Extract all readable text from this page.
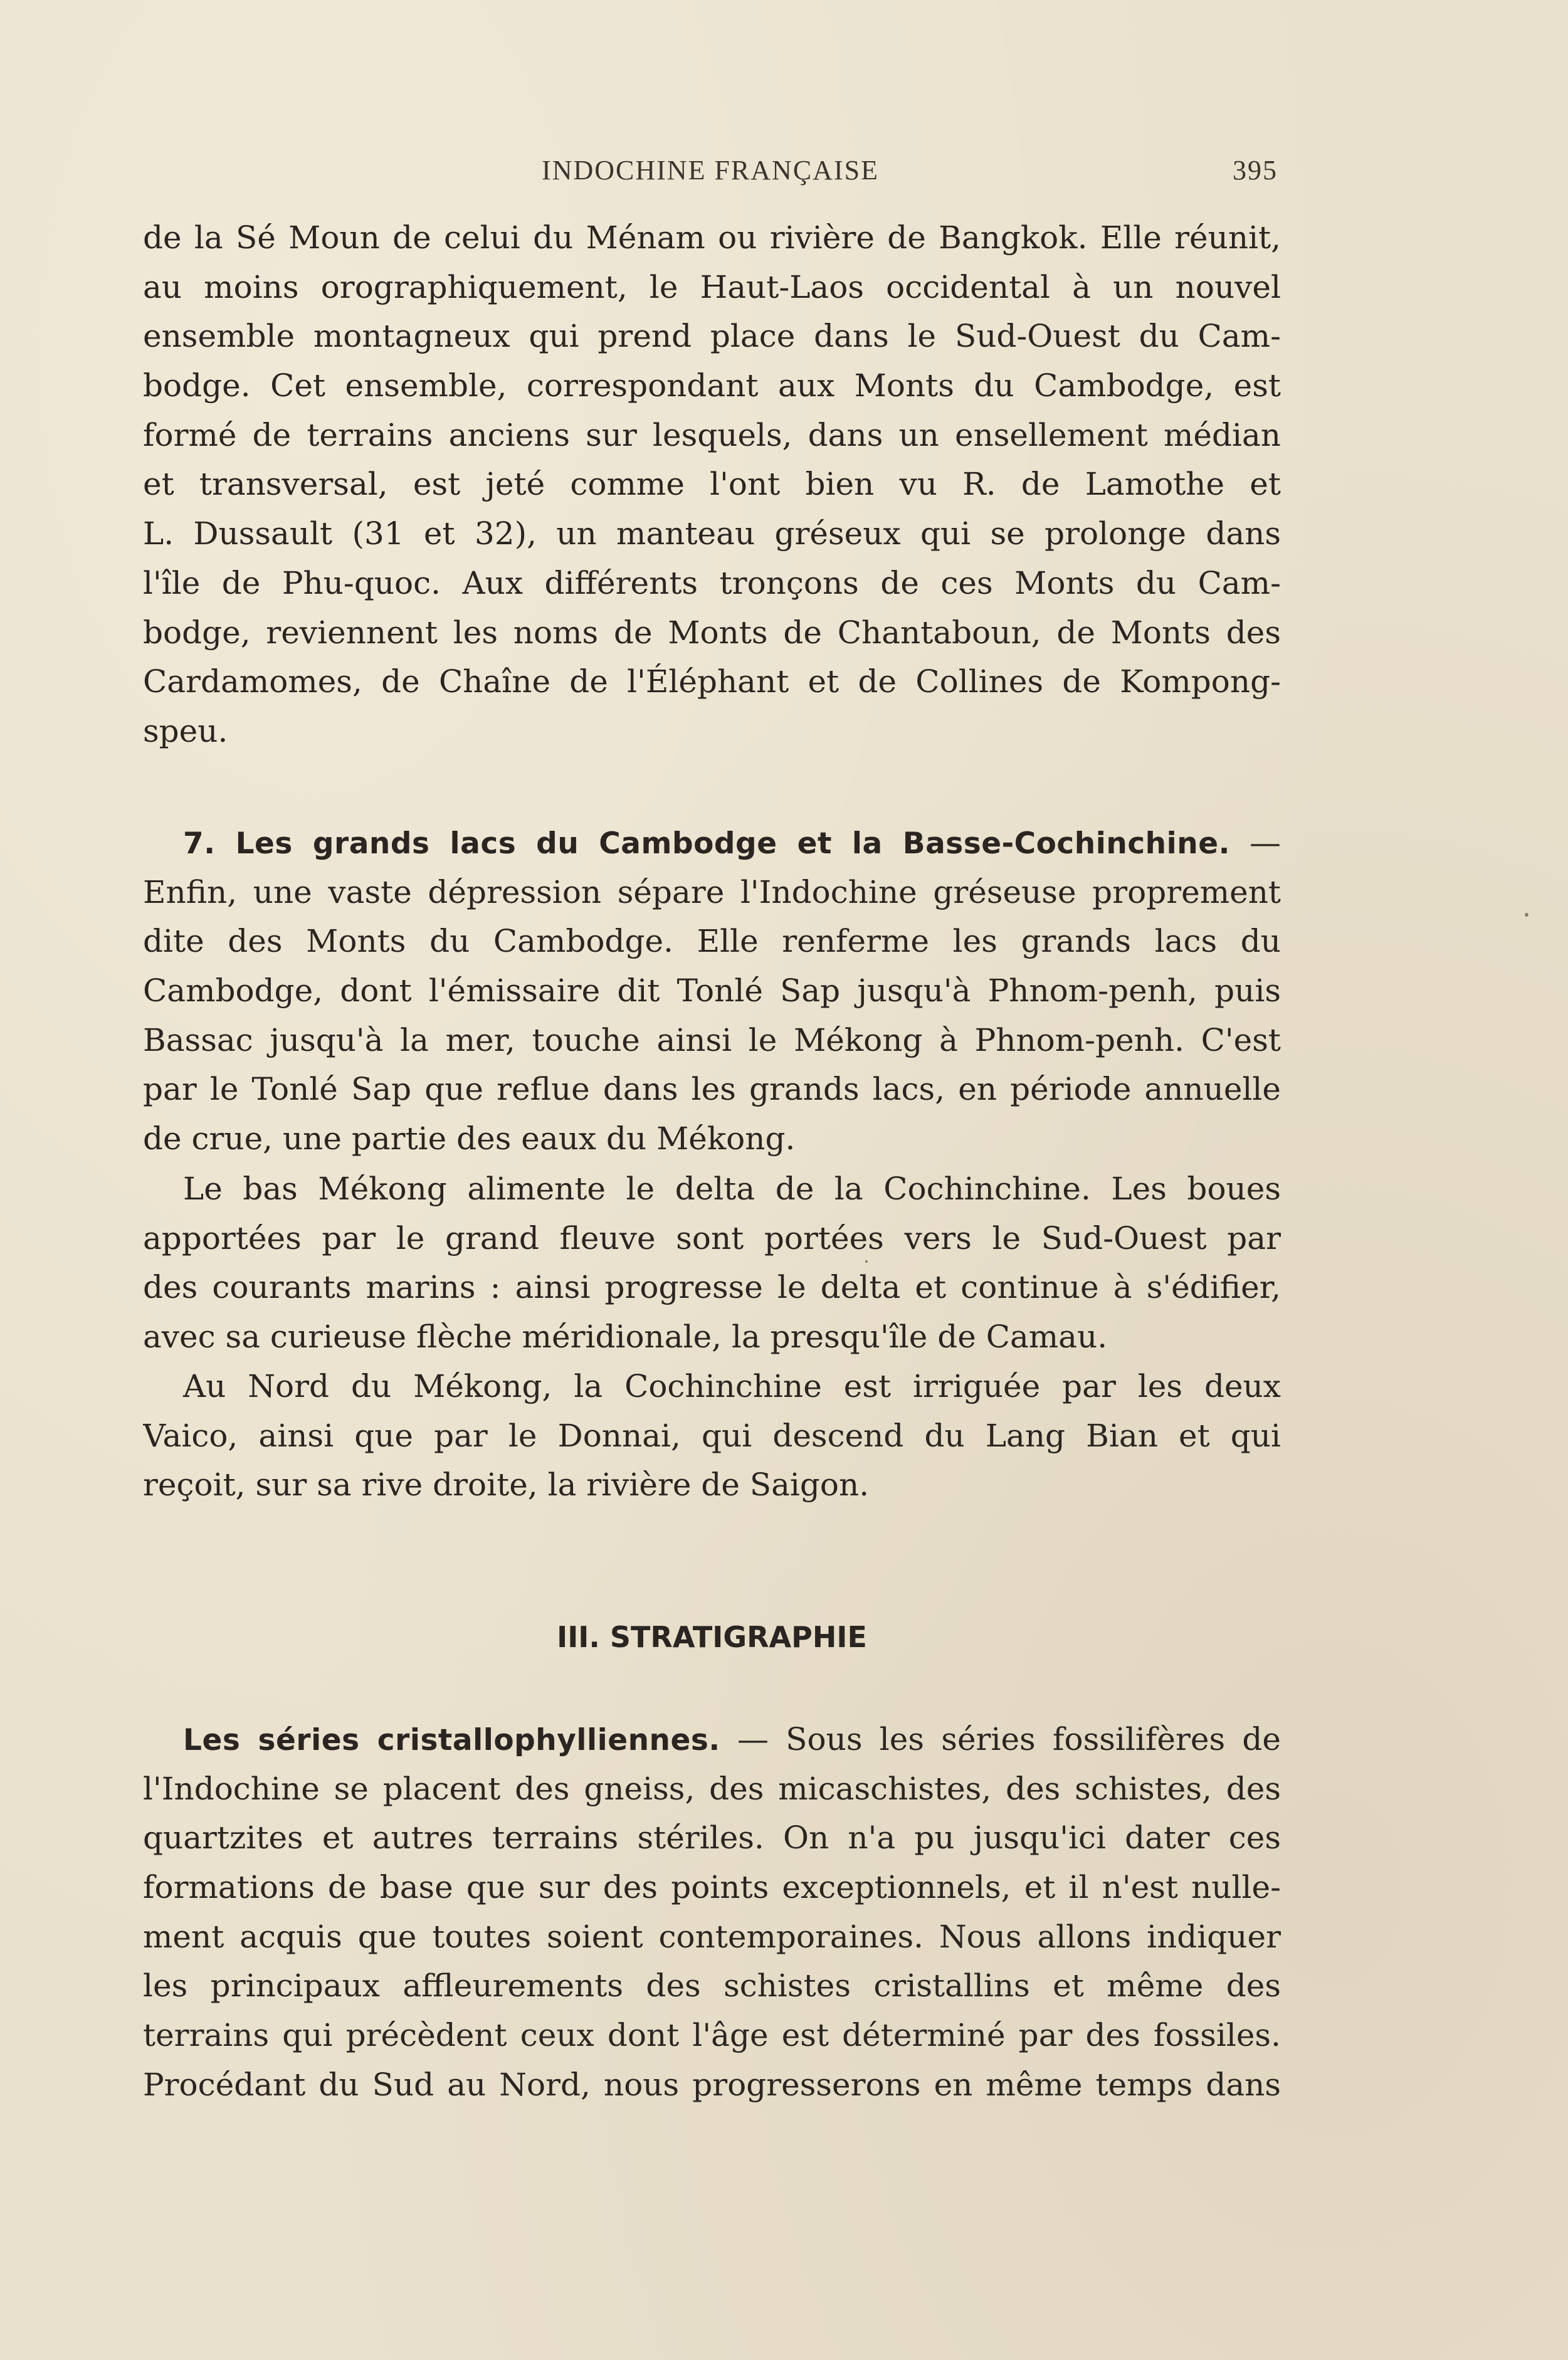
INDOCHINE FRANÇAISE	395
de la Sé Moun de celui du Ménam ou rivière de Bangkok. Elle réunit,
au moins orographiquement, le Haut-Laos occidental à un nouvel
ensemble montagneux qui prend place dans le Sud-Ouest du Cam-
bodge. Cet ensemble, correspondant aux Monts du Cambodge, est
formé de terrains anciens sur lesquels, dans un ensellement médian
et transversal, est jeté comme l'ont bien vu R. de Lamothe et
L. Dussault (31 et 32), un manteau gréseux qui se prolonge dans
l'île de Phu-quoc. Aux différents tronçons de ces Monts du Cam-
bodge, reviennent les noms de Monts de Chantaboun, de Monts des
Cardamomes, de Chaîne de l'Éléphant et de Collines de Kompong-
speu.
7. Les grands lacs du Cambodge et la Basse-Cochinchine. —
Enfin, une vaste dépression sépare l'Indochine gréseuse proprement
dite des Monts du Cambodge. Elle renferme les grands lacs du
Cambodge, dont l'émissaire dit Tonlé Sap jusqu'à Phnom-penh, puis
Bassac jusqu'à la mer, touche ainsi le Mékong à Phnom-penh. C'est
par le Tonlé Sap que reflue dans les grands lacs, en période annuelle
de crue, une partie des eaux du Mékong.
Le bas Mékong alimente le delta de la Cochinchine. Les boues
apportées par le grand fleuve sont portées vers le Sud-Ouest par
des courants marins : ainsi progresse le delta et continue à s'édifier,
avec sa curieuse flèche méridionale, la presqu'île de Camau.
Au Nord du Mékong, la Cochinchine est irriguée par les deux
Vaico, ainsi que par le Donnai, qui descend du Lang Bian et qui
reçoit, sur sa rive droite, la rivière de Saigon.
III. STRATIGRAPHIE
Les séries cristallophylliennes. — Sous les séries fossilifères de
l'Indochine se placent des gneiss, des micaschistes, des schistes, des
quartzites et autres terrains stériles. On n'a pu jusqu'ici dater ces
formations de base que sur des points exceptionnels, et il n'est nulle-
ment acquis que toutes soient contemporaines. Nous allons indiquer
les principaux affleurements des schistes cristallins et même des
terrains qui précèdent ceux dont l'âge est déterminé par des fossiles.
Procédant du Sud au Nord, nous progresserons en même temps dans
